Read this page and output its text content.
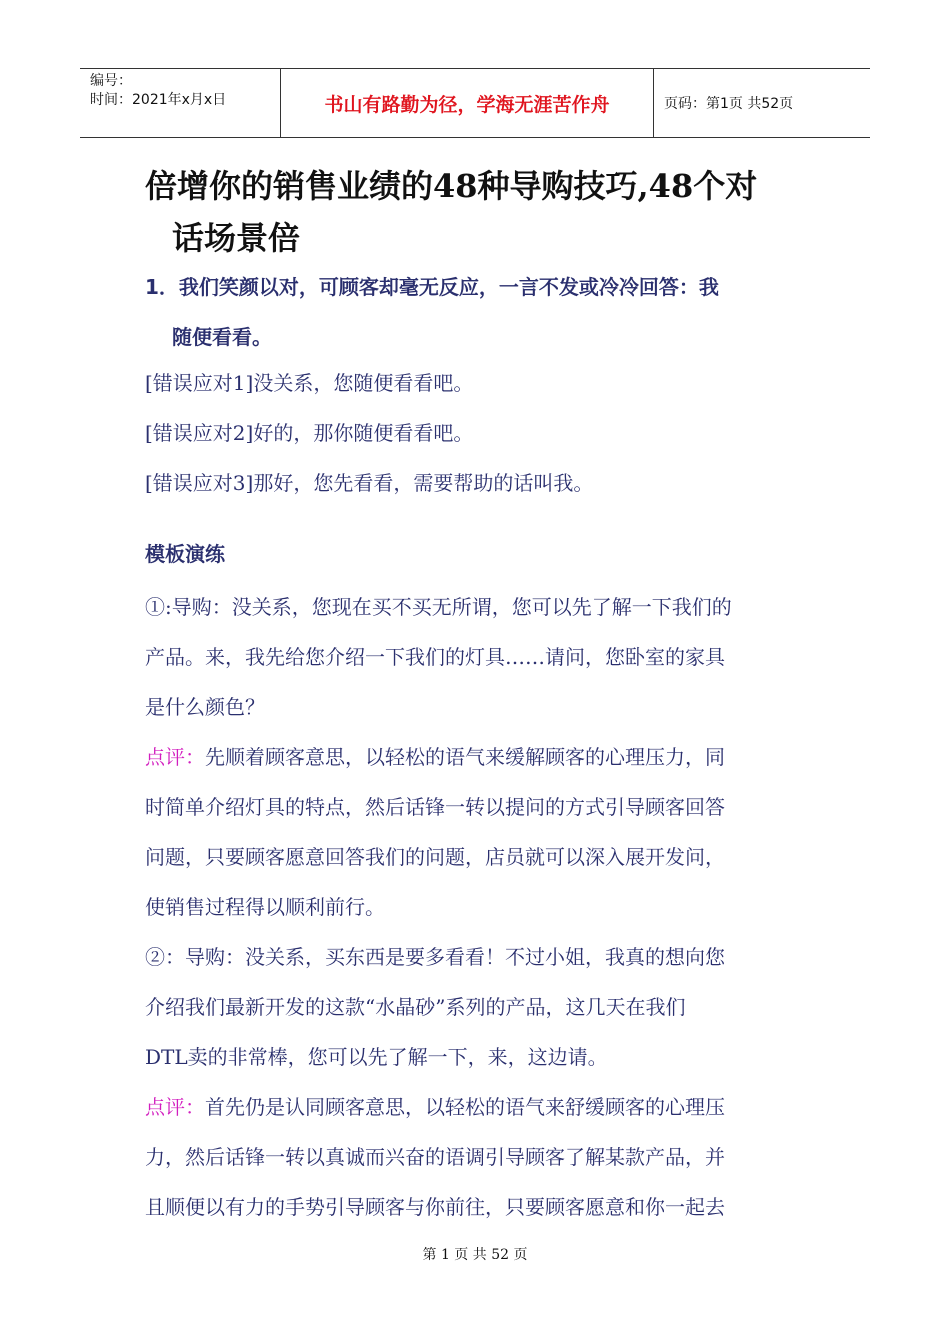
编号：
时间：2021年x月x日	书山有路勤为径，学海无涯苦作舟	页码：第1页 共52页
倍增你的销售业绩的48种导购技巧,48个对
话场景倍
1．我们笑颜以对，可顾客却毫无反应，一言不发或冷冷回答：我
随便看看。

[错误应对1]没关系，您随便看看吧。

[错误应对2]好的，那你随便看看吧。

[错误应对3]那好，您先看看，需要帮助的话叫我。

模板演练

①:导购：没关系，您现在买不买无所谓，您可以先了解一下我们的

产品。来，我先给您介绍一下我们的灯具……请问，您卧室的家具

是什么颜色？

点评：先顺着顾客意思，以轻松的语气来缓解顾客的心理压力，同

时简单介绍灯具的特点，然后话锋一转以提问的方式引导顾客回答

问题，只要顾客愿意回答我们的问题，店员就可以深入展开发问，

使销售过程得以顺利前行。

②：导购：没关系，买东西是要多看看！不过小姐，我真的想向您

介绍我们最新开发的这款“水晶砂”系列的产品，这几天在我们

DTL卖的非常棒，您可以先了解一下，来，这边请。

点评：首先仍是认同顾客意思，以轻松的语气来舒缓顾客的心理压

力，然后话锋一转以真诚而兴奋的语调引导顾客了解某款产品，并

且顺便以有力的手势引导顾客与你前往，只要顾客愿意和你一起去

第 1 页 共 52 页
